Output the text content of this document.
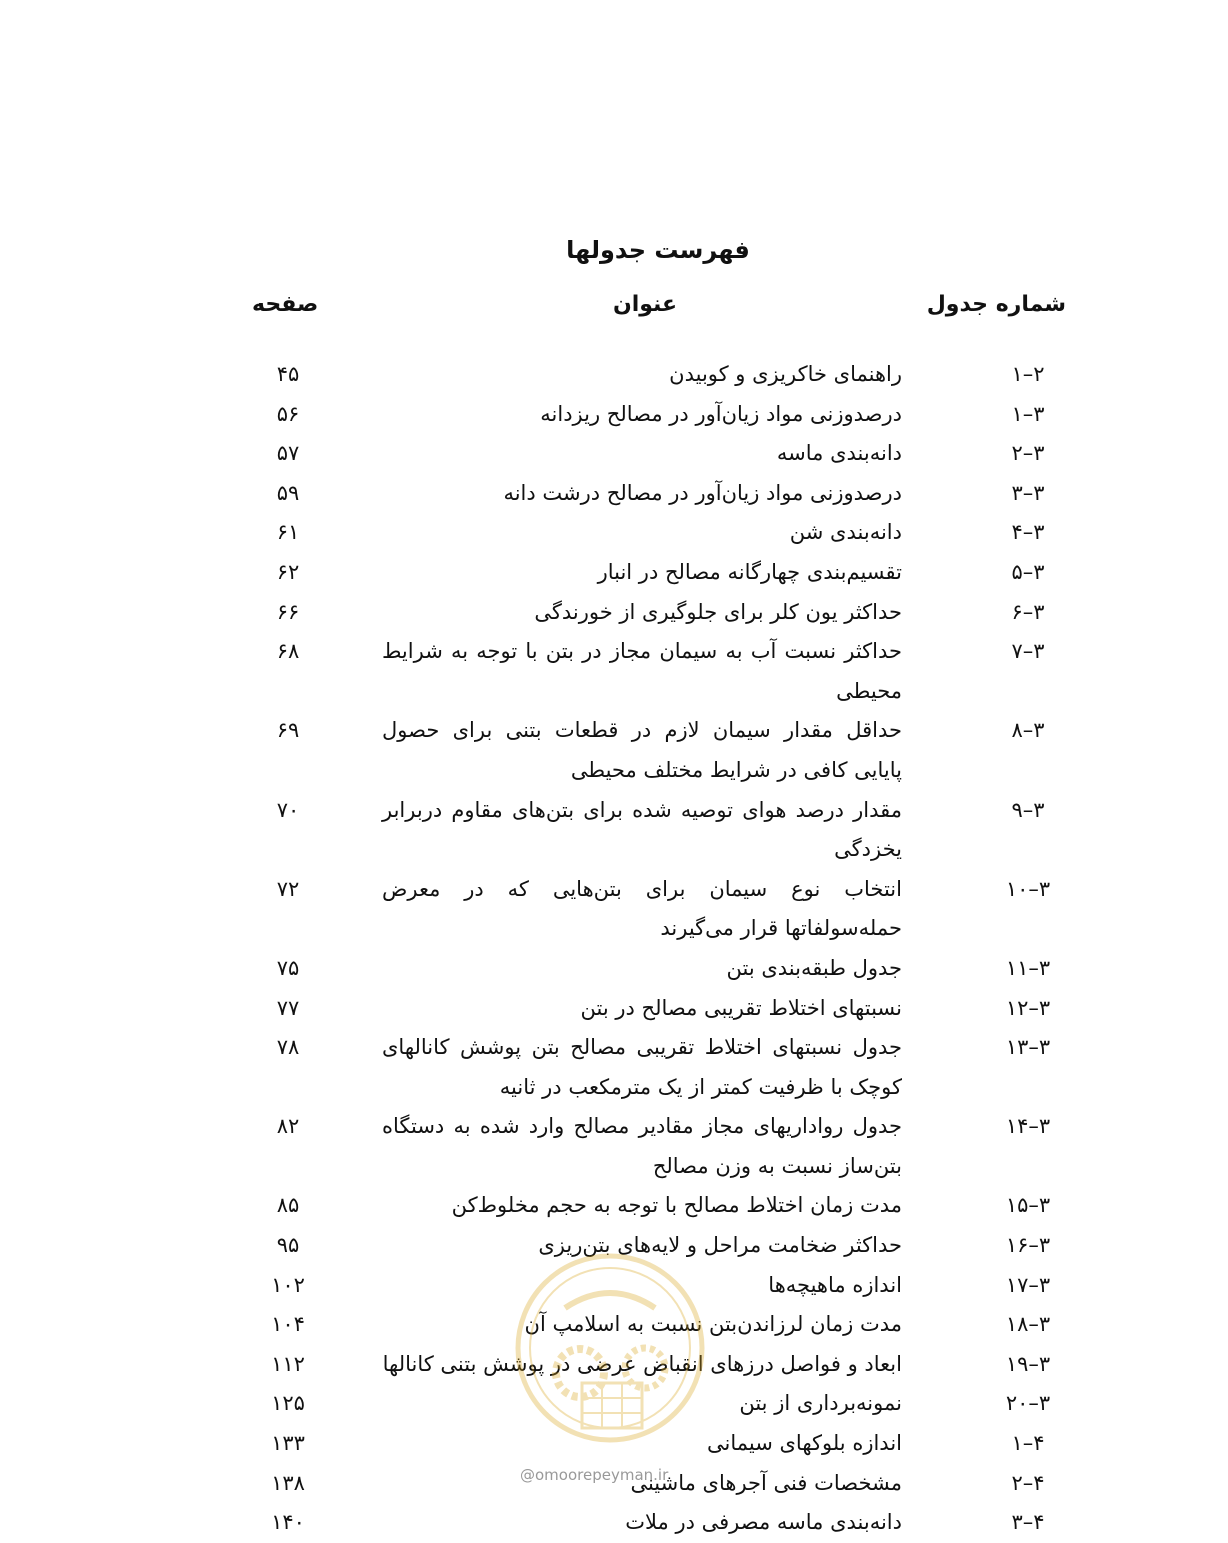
فهرست جدولها
شماره جدول
عنوان
صفحه
۲–۱
راهنمای خاکریزی و کوبیدن
۴۵
۳–۱
درصدوزنی مواد زیان‌آور در مصالح ریزدانه
۵۶
۳–۲
دانه‌بندی ماسه
۵۷
۳–۳
درصدوزنی مواد زیان‌آور در مصالح درشت دانه
۵۹
۳–۴
دانه‌بندی شن
۶۱
۳–۵
تقسیم‌بندی چهارگانه مصالح در انبار
۶۲
۳–۶
حداکثر یون کلر برای جلوگیری از خورندگی
۶۶
۳–۷
حداکثر نسبت آب به سیمان مجاز در بتن با توجه به شرایط محیطی
۶۸
۳–۸
حداقل مقدار سیمان لازم در قطعات بتنی برای حصول پایایی کافی در شرایط مختلف محیطی
۶۹
۳–۹
مقدار درصد هوای توصیه شده برای بتن‌های مقاوم دربرابر یخزدگی
۷۰
۳–۱۰
انتخاب نوع سیمان برای بتن‌هایی که در معرض حمله‌سولفاتها قرار می‌گیرند
۷۲
۳–۱۱
جدول طبقه‌بندی بتن
۷۵
۳–۱۲
نسبتهای اختلاط تقریبی مصالح در بتن
۷۷
۳–۱۳
جدول نسبتهای اختلاط تقریبی مصالح بتن پوشش کانالهای کوچک با ظرفیت کمتر از یک مترمکعب در ثانیه
۷۸
۳–۱۴
جدول رواداریهای مجاز مقادیر مصالح وارد شده به دستگاه بتن‌ساز نسبت به وزن مصالح
۸۲
۳–۱۵
مدت زمان اختلاط مصالح با توجه به حجم مخلوط‌کن
۸۵
۳–۱۶
حداکثر ضخامت مراحل و لایه‌های بتن‌ریزی
۹۵
۳–۱۷
اندازه ماهیچه‌ها
۱۰۲
۳–۱۸
مدت زمان لرزاندن‌بتن نسبت به اسلامپ آن
۱۰۴
۳–۱۹
ابعاد و فواصل درزهای انقباض عرضی در پوشش بتنی کانالها
۱۱۲
۳–۲۰
نمونه‌برداری از بتن
۱۲۵
۴–۱
اندازه بلوکهای سیمانی
۱۳۳
۴–۲
مشخصات فنی آجرهای ماشینی
۱۳۸
۴–۳
دانه‌بندی ماسه مصرفی در ملات
۱۴۰
@omoorepeyman.ir
